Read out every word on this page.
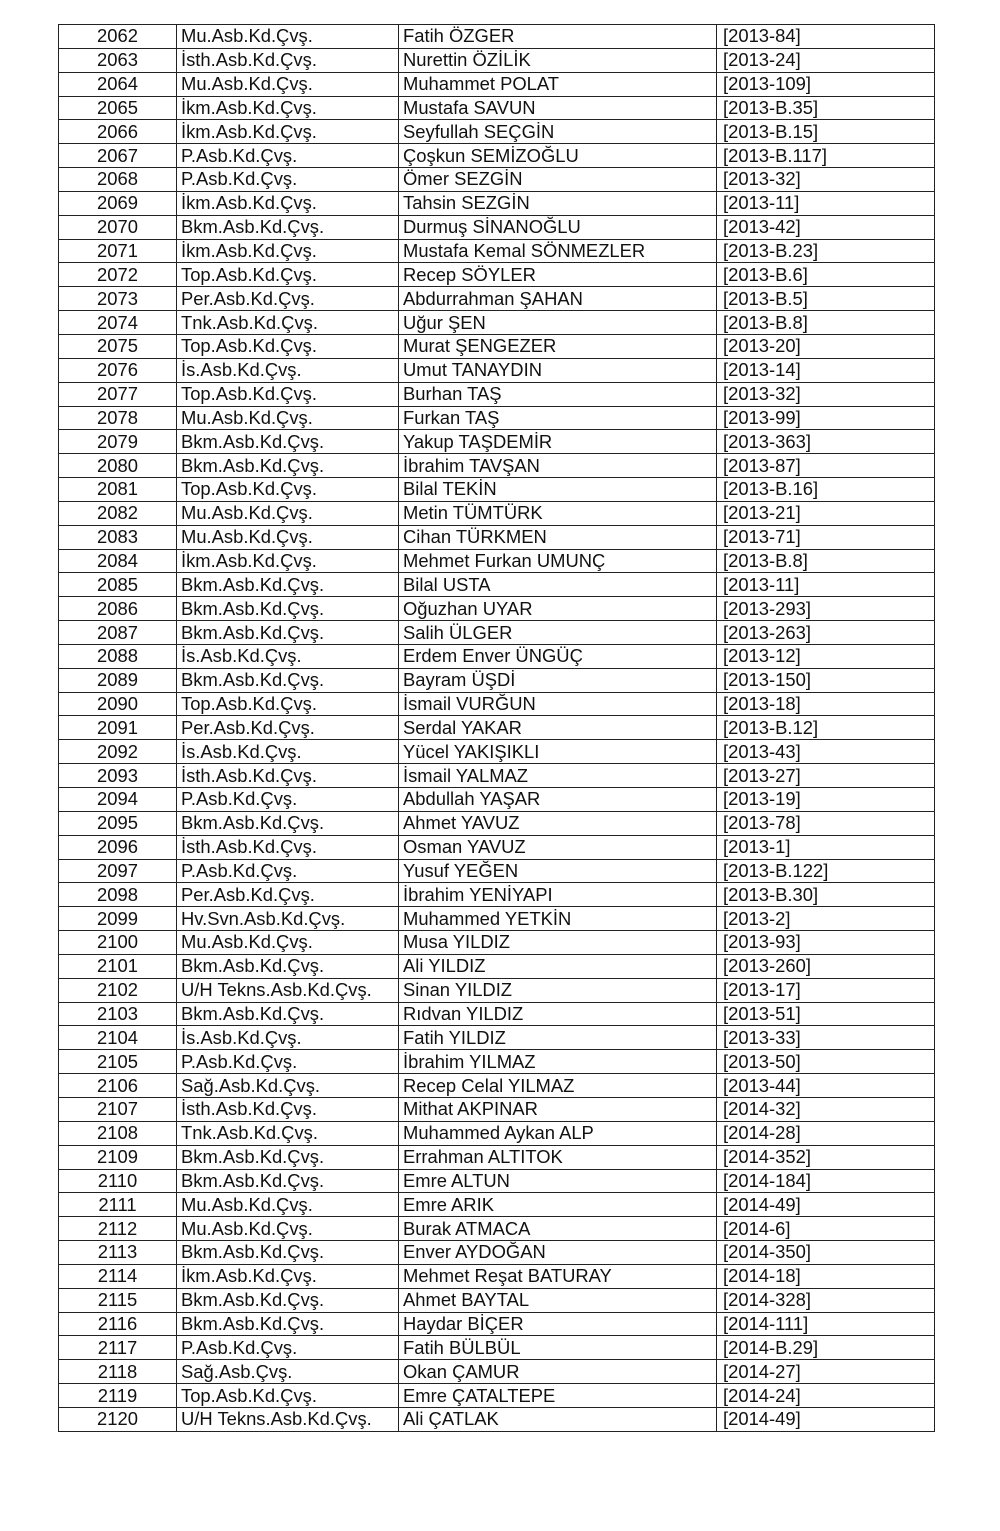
2062	Mu.Asb.Kd.Çvş.	Fatih ÖZGER	[2013-84]
2063	İsth.Asb.Kd.Çvş.	Nurettin ÖZİLİK	[2013-24]
2064	Mu.Asb.Kd.Çvş.	Muhammet POLAT	[2013-109]
2065	İkm.Asb.Kd.Çvş.	Mustafa SAVUN	[2013-B.35]
2066	İkm.Asb.Kd.Çvş.	Seyfullah SEÇGİN	[2013-B.15]
2067	P.Asb.Kd.Çvş.	Çoşkun SEMİZOĞLU	[2013-B.117]
2068	P.Asb.Kd.Çvş.	Ömer SEZGİN	[2013-32]
2069	İkm.Asb.Kd.Çvş.	Tahsin SEZGİN	[2013-11]
2070	Bkm.Asb.Kd.Çvş.	Durmuş SİNANOĞLU	[2013-42]
2071	İkm.Asb.Kd.Çvş.	Mustafa Kemal SÖNMEZLER	[2013-B.23]
2072	Top.Asb.Kd.Çvş.	Recep SÖYLER	[2013-B.6]
2073	Per.Asb.Kd.Çvş.	Abdurrahman ŞAHAN	[2013-B.5]
2074	Tnk.Asb.Kd.Çvş.	Uğur ŞEN	[2013-B.8]
2075	Top.Asb.Kd.Çvş.	Murat ŞENGEZER	[2013-20]
2076	İs.Asb.Kd.Çvş.	Umut TANAYDIN	[2013-14]
2077	Top.Asb.Kd.Çvş.	Burhan TAŞ	[2013-32]
2078	Mu.Asb.Kd.Çvş.	Furkan TAŞ	[2013-99]
2079	Bkm.Asb.Kd.Çvş.	Yakup TAŞDEMİR	[2013-363]
2080	Bkm.Asb.Kd.Çvş.	İbrahim TAVŞAN	[2013-87]
2081	Top.Asb.Kd.Çvş.	Bilal TEKİN	[2013-B.16]
2082	Mu.Asb.Kd.Çvş.	Metin TÜMTÜRK	[2013-21]
2083	Mu.Asb.Kd.Çvş.	Cihan TÜRKMEN	[2013-71]
2084	İkm.Asb.Kd.Çvş.	Mehmet Furkan UMUNÇ	[2013-B.8]
2085	Bkm.Asb.Kd.Çvş.	Bilal USTA	[2013-11]
2086	Bkm.Asb.Kd.Çvş.	Oğuzhan UYAR	[2013-293]
2087	Bkm.Asb.Kd.Çvş.	Salih ÜLGER	[2013-263]
2088	İs.Asb.Kd.Çvş.	Erdem Enver ÜNGÜÇ	[2013-12]
2089	Bkm.Asb.Kd.Çvş.	Bayram ÜŞDİ	[2013-150]
2090	Top.Asb.Kd.Çvş.	İsmail VURĞUN	[2013-18]
2091	Per.Asb.Kd.Çvş.	Serdal YAKAR	[2013-B.12]
2092	İs.Asb.Kd.Çvş.	Yücel YAKIŞIKLI	[2013-43]
2093	İsth.Asb.Kd.Çvş.	İsmail YALMAZ	[2013-27]
2094	P.Asb.Kd.Çvş.	Abdullah YAŞAR	[2013-19]
2095	Bkm.Asb.Kd.Çvş.	Ahmet YAVUZ	[2013-78]
2096	İsth.Asb.Kd.Çvş.	Osman YAVUZ	[2013-1]
2097	P.Asb.Kd.Çvş.	Yusuf YEĞEN	[2013-B.122]
2098	Per.Asb.Kd.Çvş.	İbrahim YENİYAPI	[2013-B.30]
2099	Hv.Svn.Asb.Kd.Çvş.	Muhammed YETKİN	[2013-2]
2100	Mu.Asb.Kd.Çvş.	Musa YILDIZ	[2013-93]
2101	Bkm.Asb.Kd.Çvş.	Ali YILDIZ	[2013-260]
2102	U/H Tekns.Asb.Kd.Çvş.	Sinan YILDIZ	[2013-17]
2103	Bkm.Asb.Kd.Çvş.	Rıdvan YILDIZ	[2013-51]
2104	İs.Asb.Kd.Çvş.	Fatih YILDIZ	[2013-33]
2105	P.Asb.Kd.Çvş.	İbrahim YILMAZ	[2013-50]
2106	Sağ.Asb.Kd.Çvş.	Recep Celal YILMAZ	[2013-44]
2107	İsth.Asb.Kd.Çvş.	Mithat AKPINAR	[2014-32]
2108	Tnk.Asb.Kd.Çvş.	Muhammed Aykan ALP	[2014-28]
2109	Bkm.Asb.Kd.Çvş.	Errahman ALTITOK	[2014-352]
2110	Bkm.Asb.Kd.Çvş.	Emre ALTUN	[2014-184]
2111	Mu.Asb.Kd.Çvş.	Emre ARIK	[2014-49]
2112	Mu.Asb.Kd.Çvş.	Burak ATMACA	[2014-6]
2113	Bkm.Asb.Kd.Çvş.	Enver AYDOĞAN	[2014-350]
2114	İkm.Asb.Kd.Çvş.	Mehmet Reşat BATURAY	[2014-18]
2115	Bkm.Asb.Kd.Çvş.	Ahmet BAYTAL	[2014-328]
2116	Bkm.Asb.Kd.Çvş.	Haydar BİÇER	[2014-111]
2117	P.Asb.Kd.Çvş.	Fatih BÜLBÜL	[2014-B.29]
2118	Sağ.Asb.Çvş.	Okan ÇAMUR	[2014-27]
2119	Top.Asb.Kd.Çvş.	Emre ÇATALTEPE	[2014-24]
2120	U/H Tekns.Asb.Kd.Çvş.	Ali ÇATLAK	[2014-49]
